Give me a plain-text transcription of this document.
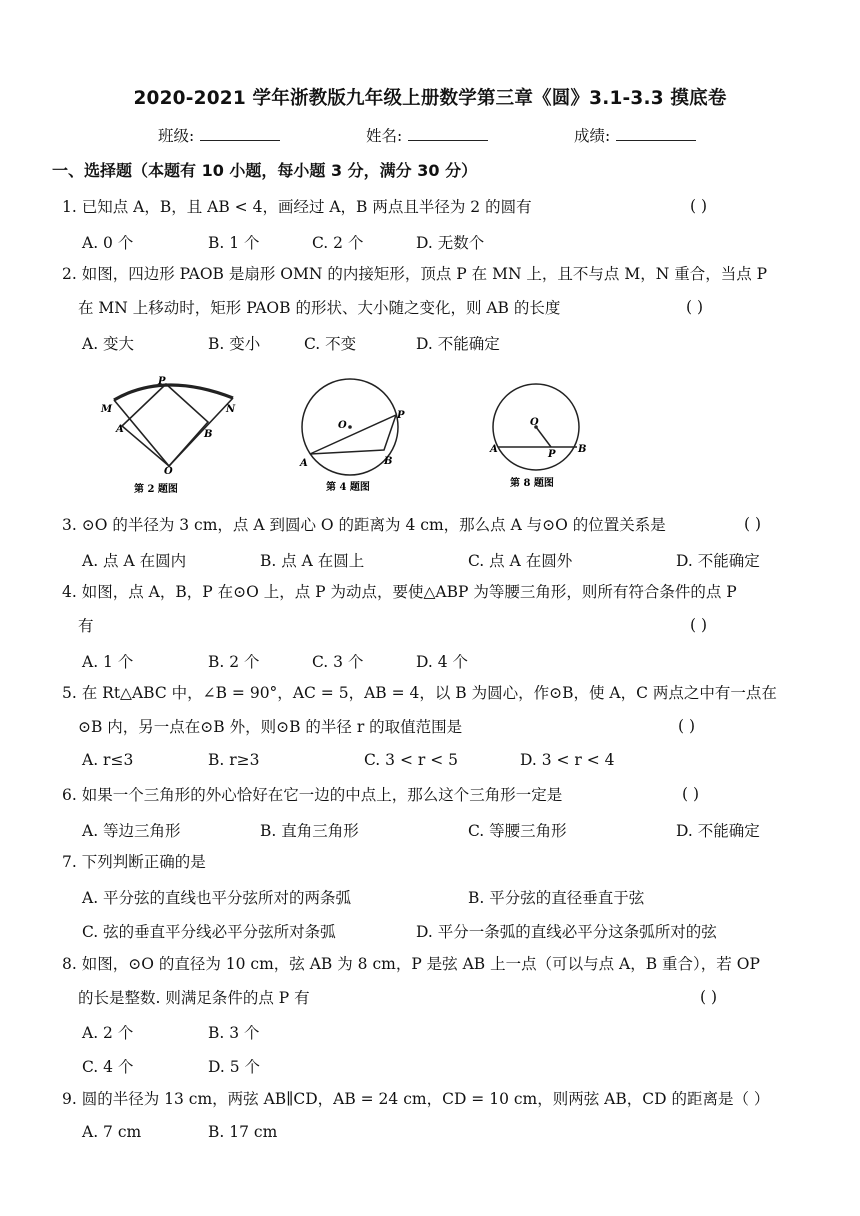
2020-2021 学年浙教版九年级上册数学第三章《圆》3.1-3.3 摸底卷
班级:	姓名:	成绩:
一、选择题（本题有 10 小题，每小题 3 分，满分 30 分）
1. 已知点 A，B，且 AB < 4，画经过 A，B 两点且半径为 2 的圆有	( )
A. 0 个	B. 1 个	C. 2 个	D. 无数个
2. 如图，四边形 PAOB 是扇形 OMN 的内接矩形，顶点 P 在 MN 上，且不与点 M，N 重合，当点 P
在 MN 上移动时，矩形 PAOB 的形状、大小随之变化，则 AB 的长度	( )
A. 变大	B. 变小	C. 不变	D. 不能确定
P
M	N
A	B
O
第 2 题图
O
P
A	B
第 4 题图
O
A	B
P
第 8 题图
3. ⊙O 的半径为 3 cm，点 A 到圆心 O 的距离为 4 cm，那么点 A 与⊙O 的位置关系是	( )
A. 点 A 在圆内	B. 点 A 在圆上	C. 点 A 在圆外	D. 不能确定
4. 如图，点 A，B，P 在⊙O 上，点 P 为动点，要使△ABP 为等腰三角形，则所有符合条件的点 P
有	( )
A. 1 个	B. 2 个	C. 3 个	D. 4 个
5. 在 Rt△ABC 中，∠B = 90°，AC = 5，AB = 4，以 B 为圆心，作⊙B，使 A，C 两点之中有一点在
⊙B 内，另一点在⊙B 外，则⊙B 的半径 r 的取值范围是	( )
A. r≤3	B. r≥3	C. 3 < r < 5	D. 3 < r < 4
6. 如果一个三角形的外心恰好在它一边的中点上，那么这个三角形一定是	( )
A. 等边三角形	B. 直角三角形	C. 等腰三角形	D. 不能确定
7. 下列判断正确的是
A. 平分弦的直线也平分弦所对的两条弧	B. 平分弦的直径垂直于弦
C. 弦的垂直平分线必平分弦所对条弧	D. 平分一条弧的直线必平分这条弧所对的弦
8. 如图，⊙O 的直径为 10 cm，弦 AB 为 8 cm，P 是弦 AB 上一点（可以与点 A，B 重合），若 OP
的长是整数. 则满足条件的点 P 有	( )
A. 2 个	B. 3 个
C. 4 个	D. 5 个
9. 圆的半径为 13 cm，两弦 AB∥CD，AB = 24 cm，CD = 10 cm，则两弦 AB，CD 的距离是（ ）
A. 7 cm	B. 17 cm
